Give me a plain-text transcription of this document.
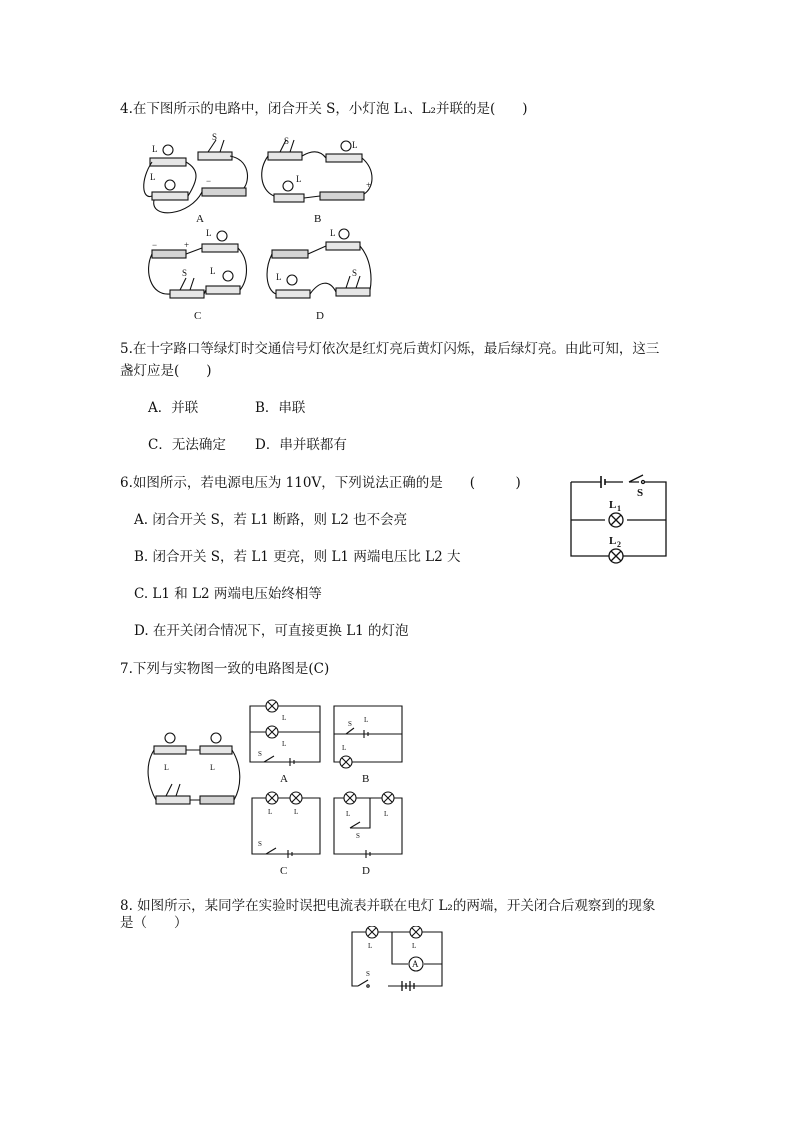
4.在下图所示的电路中，闭合开关 S，小灯泡 L₁、L₂并联的是(　　)
A	B
C	D
S
L
L
S	L
L
L
S	L
L
S
L
−	+
−	+
5.在十字路口等绿灯时交通信号灯依次是红灯亮后黄灯闪烁，最后绿灯亮。由此可知，这三
盏灯应是(　　)
A．并联	B．串联
C．无法确定 D．串并联都有
6.如图所示，若电源电压为 110V，下列说法正确的是　　(　　　)
A. 闭合开关 S，若 L1 断路，则 L2 也不会亮
B. 闭合开关 S，若 L1 更亮，则 L1 两端电压比 L2 大
C. L1 和 L2 两端电压始终相等
D. 在开关闭合情况下，可直接更换 L1 的灯泡
S
L 1
L 2
7.下列与实物图一致的电路图是(C)
L	L
A	B
C	D
L
L
S
S L
L
L	L
S
L	L
S
8. 如图所示，某同学在实验时误把电流表并联在电灯 L₂的两端，开关闭合后观察到的现象
是（　　）
L	L
S
A
